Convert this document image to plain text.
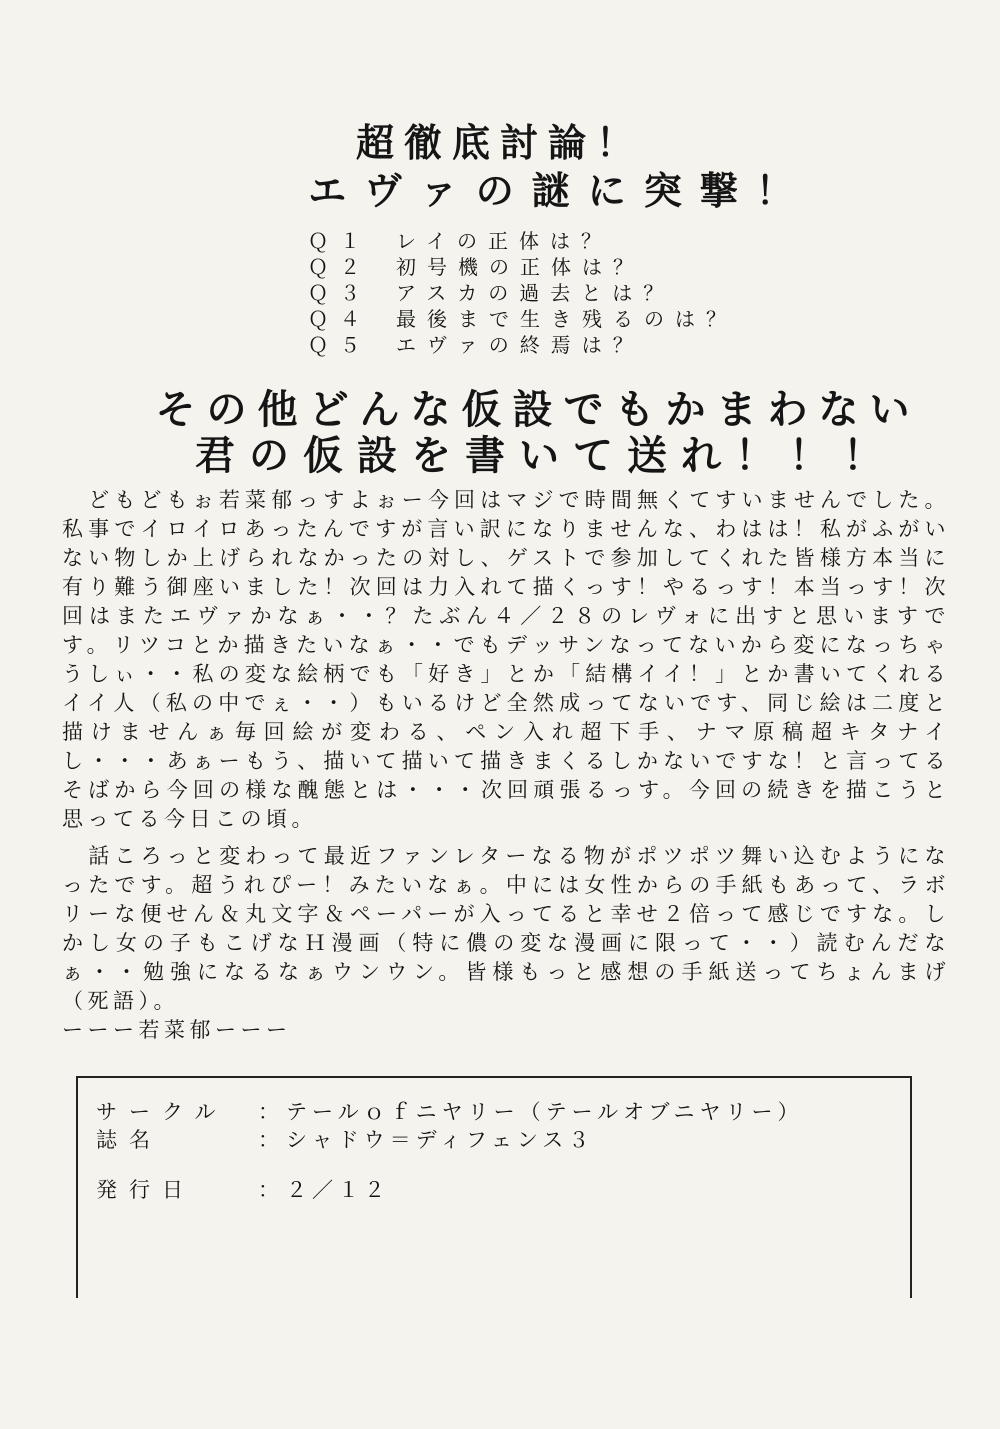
超徹底討論！
エヴァの謎に突撃！
Ｑ１	レイの正体は？
Ｑ２	初号機の正体は？
Ｑ３	アスカの過去とは？
Ｑ４	最後まで生き残るのは？
Ｑ５	エヴァの終焉は？
その他どんな仮設でもかまわない
君の仮設を書いて送れ！！！
　どもどもぉ若菜郁っすよぉー今回はマジで時間無くてすいませんでした。私事でイロイロあったんですが言い訳になりませんな、わはは！私がふがいない物しか上げられなかったの対し、ゲストで参加してくれた皆様方本当に有り難う御座いました！次回は力入れて描くっす！やるっす！本当っす！次回はまたエヴァかなぁ・・？たぶん４／２８のレヴォに出すと思いますです。リツコとか描きたいなぁ・・でもデッサンなってないから変になっちゃうしぃ・・私の変な絵柄でも「好き」とか「結構イイ！」とか書いてくれるイイ人（私の中でぇ・・）もいるけど全然成ってないです、同じ絵は二度と描けませんぁ毎回絵が変わる、ペン入れ超下手、ナマ原稿超キタナイし・・・あぁーもう、描いて描いて描きまくるしかないですな！と言ってるそばから今回の様な醜態とは・・・次回頑張るっす。今回の続きを描こうと思ってる今日この頃。
　話ころっと変わって最近ファンレターなる物がポツポツ舞い込むようになったです。超うれぴー！みたいなぁ。中には女性からの手紙もあって、ラボリーな便せん＆丸文字＆ペーパーが入ってると幸せ２倍って感じですな。しかし女の子もこげなＨ漫画（特に儂の変な漫画に限って・・）読むんだなぁ・・勉強になるなぁウンウン。皆様もっと感想の手紙送ってちょんまげ（死語）。
ーーー若菜郁ーーー
サークル	： テールｏｆニヤリー（テールオブニヤリー）
誌名	： シャドウ＝ディフェンス３
発行日	： ２／１２
